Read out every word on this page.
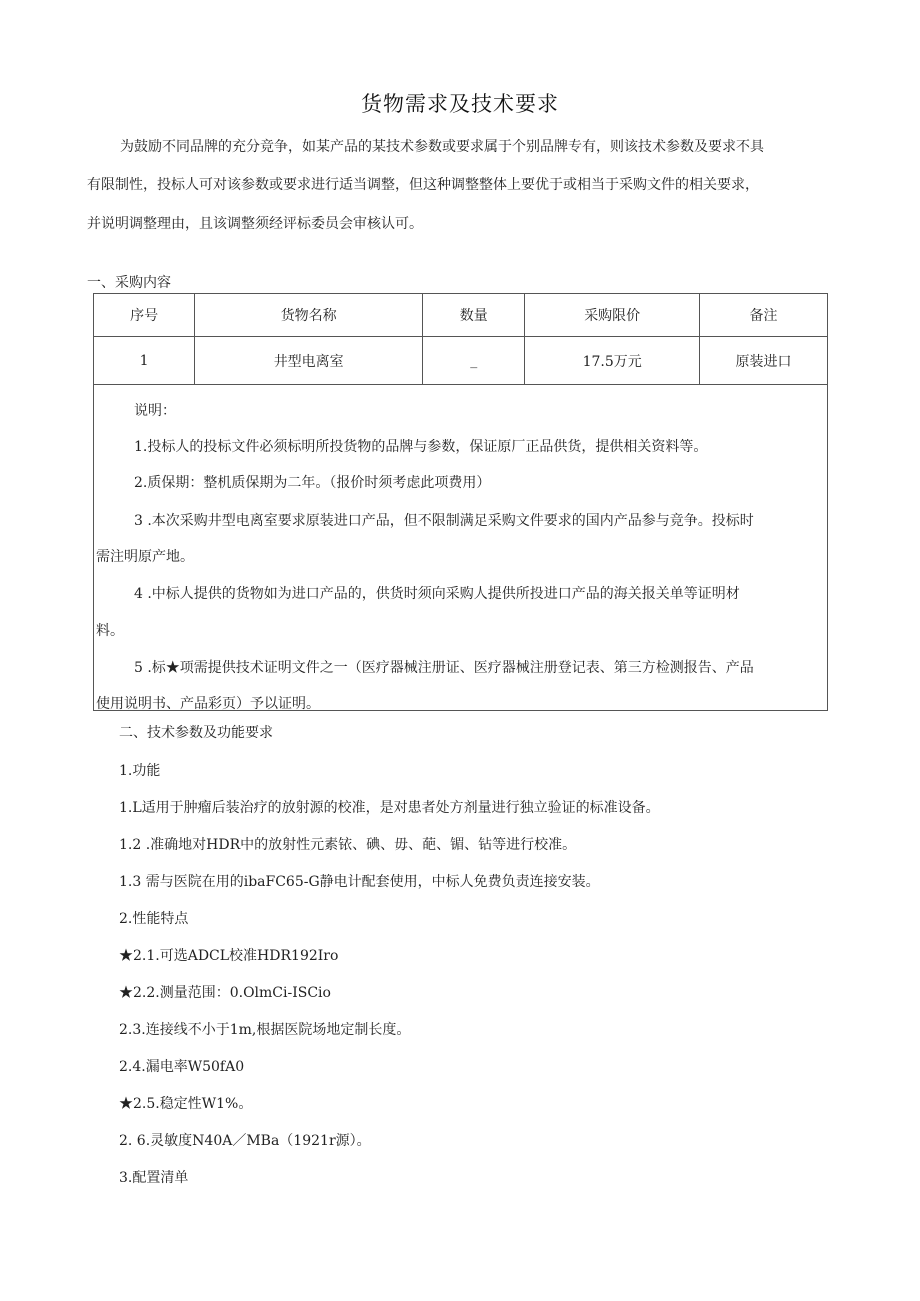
货物需求及技术要求

为鼓励不同品牌的充分竞争，如某产品的某技术参数或要求属于个别品牌专有，则该技术参数及要求不具

有限制性，投标人可对该参数或要求进行适当调整，但这种调整整体上要优于或相当于采购文件的相关要求，

并说明调整理由，且该调整须经评标委员会审核认可。

一、采购内容
序号	货物名称	数量	采购限价	备注
1	井型电离室	_	17.5万元	原装进口
说明：
1.投标人的投标文件必须标明所投货物的品牌与参数，保证原厂正品供货，提供相关资料等。
2.质保期：整机质保期为二年。（报价时须考虑此项费用）
3 .本次采购井型电离室要求原装进口产品，但不限制满足采购文件要求的国内产品参与竞争。投标时
需注明原产地。
4 .中标人提供的货物如为进口产品的，供货时须向采购人提供所投进口产品的海关报关单等证明材
料。
5 .标★项需提供技术证明文件之一（医疗器械注册证、医疗器械注册登记表、第三方检测报告、产品
使用说明书、产品彩页）予以证明。
二、技术参数及功能要求
1.功能
1.L适用于肿瘤后装治疗的放射源的校准，是对患者处方剂量进行独立验证的标准设备。
1.2 .准确地对HDR中的放射性元素铱、碘、毋、葩、镅、钻等进行校准。
1.3 需与医院在用的ibaFC65-G静电计配套使用，中标人免费负责连接安装。
2.性能特点
★2.1.可选ADCL校准HDR192Iro
★2.2.测量范围：0.OlmCi-ISCio
2.3.连接线不小于1m,根据医院场地定制长度。
2.4.漏电率W50fA0
★2.5.稳定性W1%。
2. 6.灵敏度N40A／MBa（1921r源）。
3.配置清单
